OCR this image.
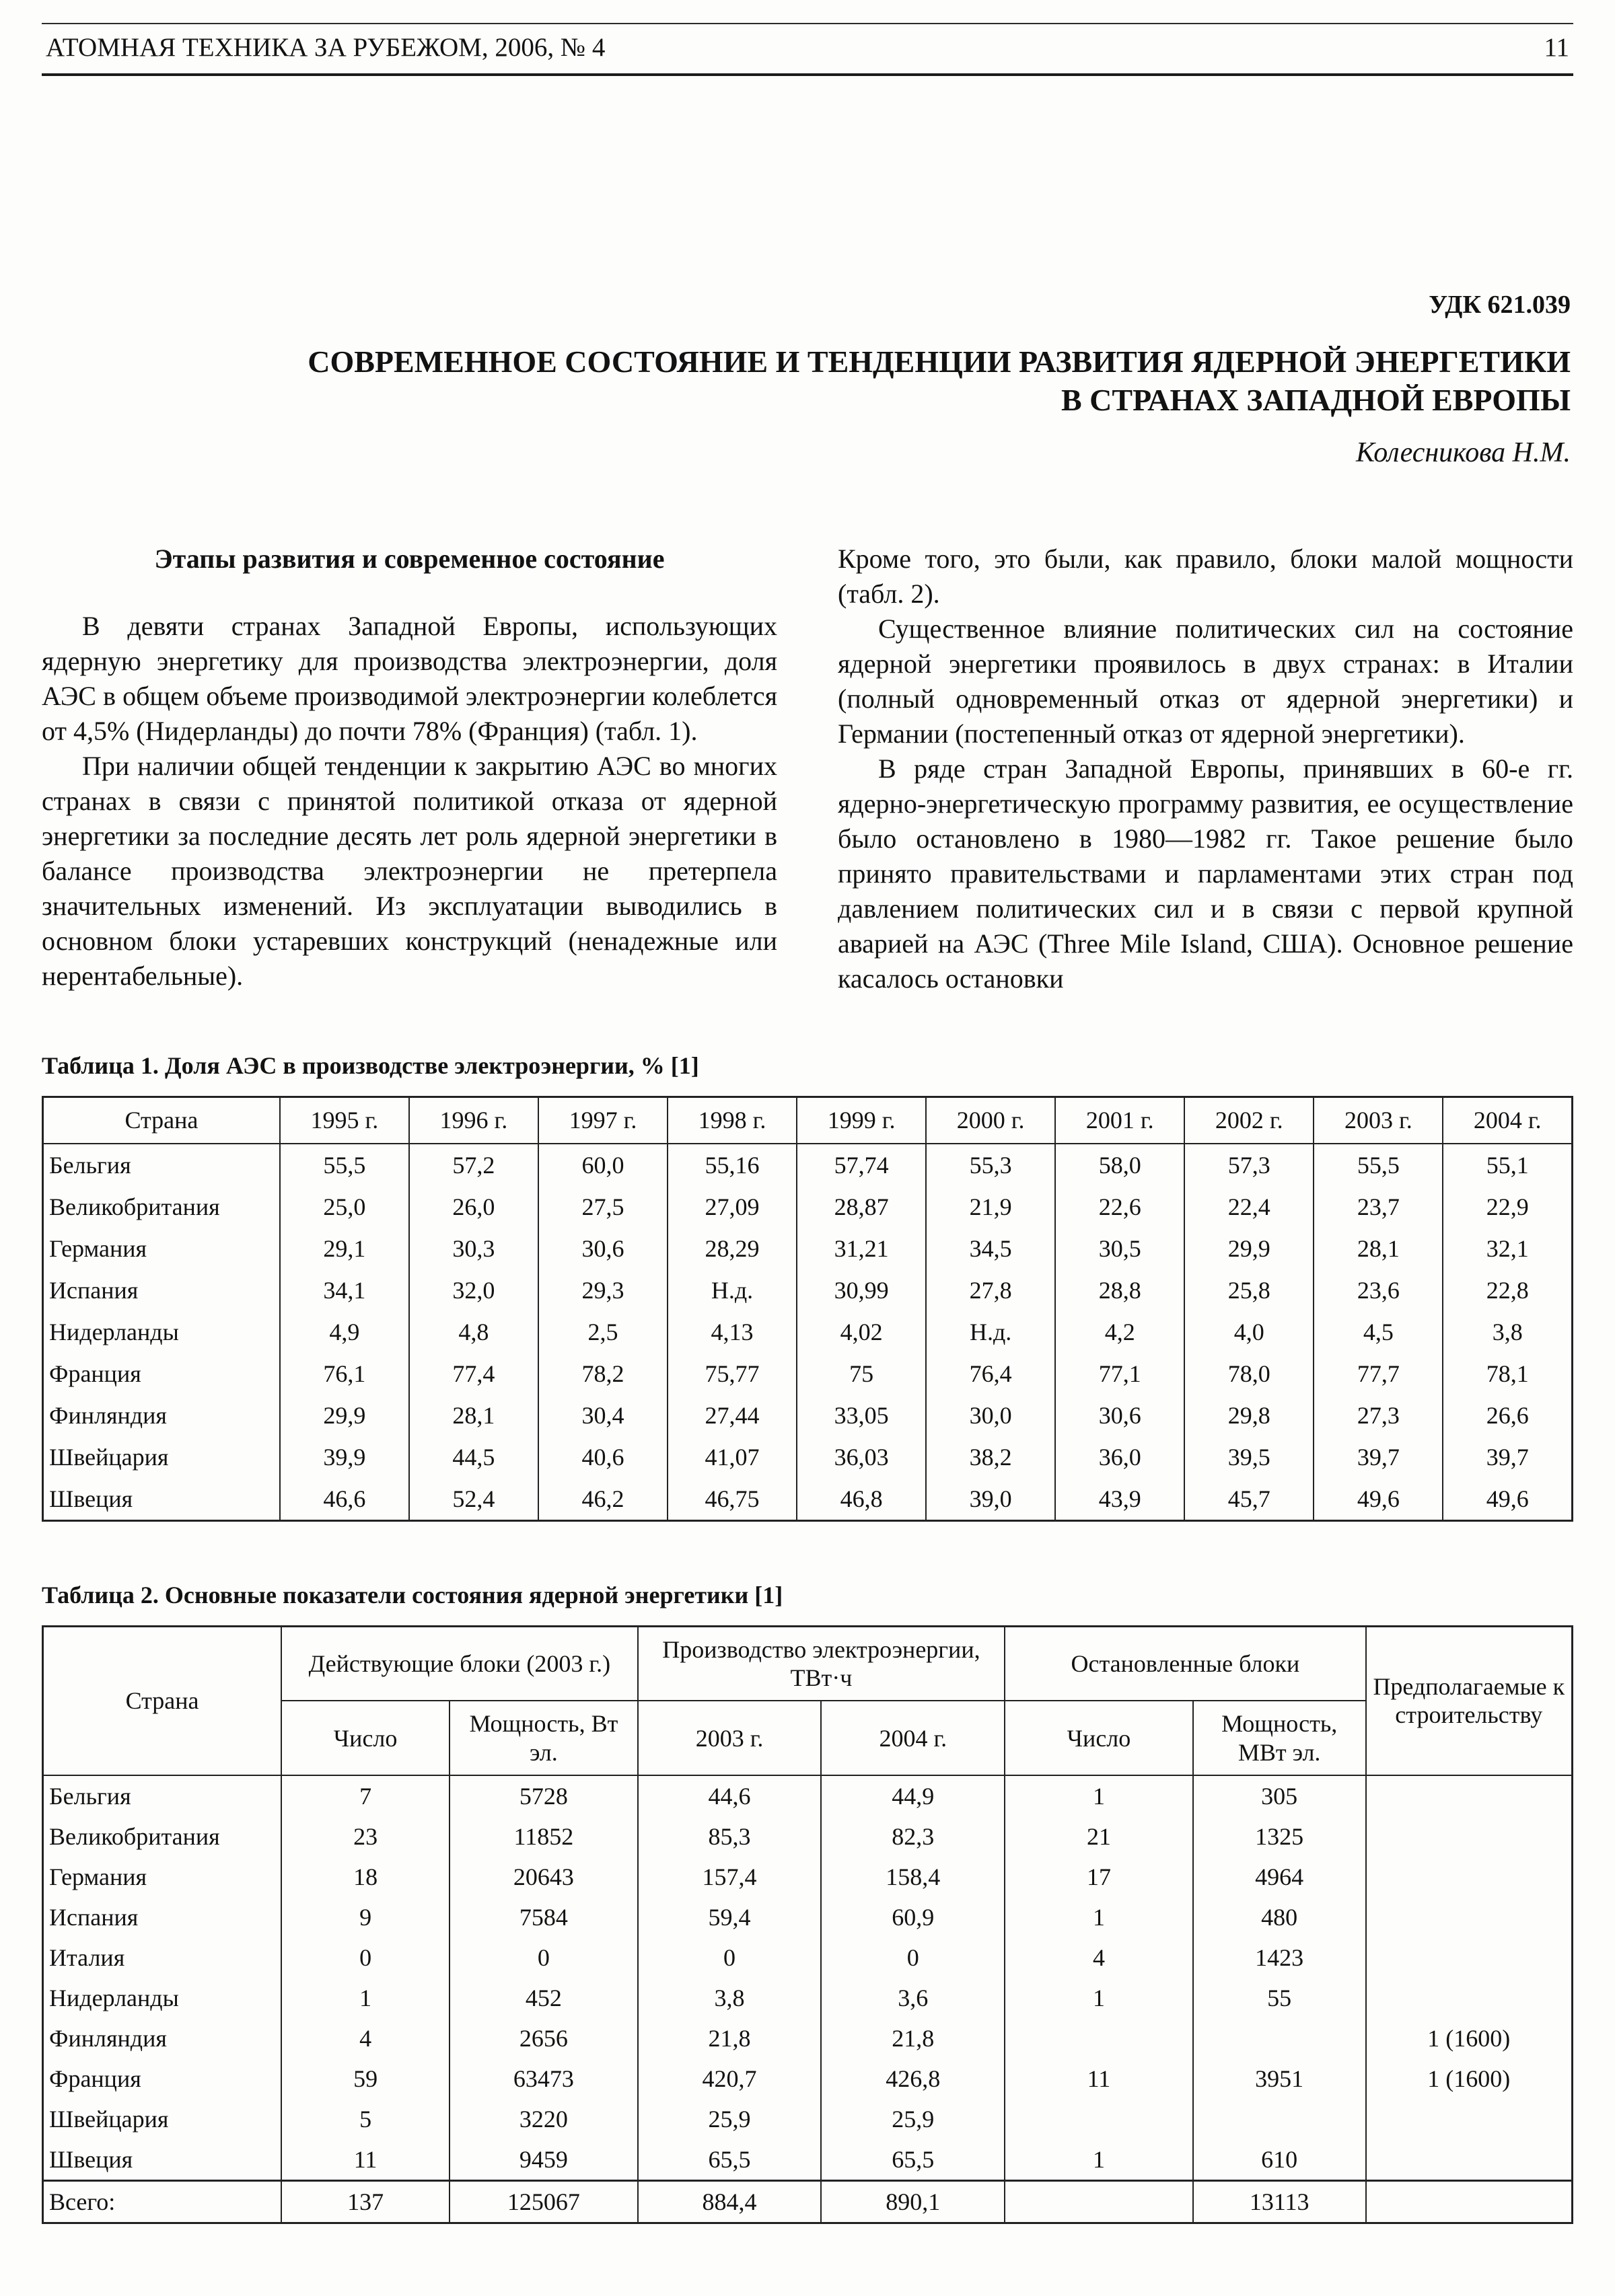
АТОМНАЯ ТЕХНИКА ЗА РУБЕЖОМ, 2006, № 4	11
УДК 621.039
СОВРЕМЕННОЕ СОСТОЯНИЕ И ТЕНДЕНЦИИ РАЗВИТИЯ ЯДЕРНОЙ ЭНЕРГЕТИКИ
В СТРАНАХ ЗАПАДНОЙ ЕВРОПЫ
Колесникова Н.М.
Этапы развития и современное состояние

В девяти странах Западной Европы, использующих ядерную энергетику для производства электроэнергии, доля АЭС в общем объеме производимой электроэнергии колеблется от 4,5% (Нидерланды) до почти 78% (Франция) (табл. 1).

При наличии общей тенденции к закрытию АЭС во многих странах в связи с принятой политикой отказа от ядерной энергетики за последние десять лет роль ядерной энергетики в балансе производства электроэнергии не претерпела значительных изменений. Из эксплуатации выводились в основном блоки устаревших конструкций (ненадежные или нерентабельные).

Кроме того, это были, как правило, блоки малой мощности (табл. 2).

Существенное влияние политических сил на состояние ядерной энергетики проявилось в двух странах: в Италии (полный одновременный отказ от ядерной энергетики) и Германии (постепенный отказ от ядерной энергетики).

В ряде стран Западной Европы, принявших в 60-е гг. ядерно-энергетическую программу развития, ее осуществление было остановлено в 1980—1982 гг. Такое решение было принято правительствами и парламентами этих стран под давлением политических сил и в связи с первой крупной аварией на АЭС (Three Mile Island, США). Основное решение касалось остановки

Таблица 1. Доля АЭС в производстве электроэнергии, % [1]
Страна	1995 г.	1996 г.	1997 г.	1998 г.	1999 г.	2000 г.	2001 г.	2002 г.	2003 г.	2004 г.
Бельгия	55,5	57,2	60,0	55,16	57,74	55,3	58,0	57,3	55,5	55,1
Великобритания	25,0	26,0	27,5	27,09	28,87	21,9	22,6	22,4	23,7	22,9
Германия	29,1	30,3	30,6	28,29	31,21	34,5	30,5	29,9	28,1	32,1
Испания	34,1	32,0	29,3	Н.д.	30,99	27,8	28,8	25,8	23,6	22,8
Нидерланды	4,9	4,8	2,5	4,13	4,02	Н.д.	4,2	4,0	4,5	3,8
Франция	76,1	77,4	78,2	75,77	75	76,4	77,1	78,0	77,7	78,1
Финляндия	29,9	28,1	30,4	27,44	33,05	30,0	30,6	29,8	27,3	26,6
Швейцария	39,9	44,5	40,6	41,07	36,03	38,2	36,0	39,5	39,7	39,7
Швеция	46,6	52,4	46,2	46,75	46,8	39,0	43,9	45,7	49,6	49,6
Таблица 2. Основные показатели состояния ядерной энергетики [1]
Страна	Действующие блоки (2003 г.)		Производство электроэнергии, ТВт·ч		Остановленные блоки		Предполагаемые к строительству
	Число	Мощность, Вт эл.	2003 г.	2004 г.	Число	Мощность, МВт эл.	
Бельгия	7	5728	44,6	44,9	1	305	
Великобритания	23	11852	85,3	82,3	21	1325	
Германия	18	20643	157,4	158,4	17	4964	
Испания	9	7584	59,4	60,9	1	480	
Италия	0	0	0	0	4	1423	
Нидерланды	1	452	3,8	3,6	1	55	
Финляндия	4	2656	21,8	21,8			1 (1600)
Франция	59	63473	420,7	426,8	11	3951	1 (1600)
Швейцария	5	3220	25,9	25,9			
Швеция	11	9459	65,5	65,5	1	610	
Всего:	137	125067	884,4	890,1		13113	
